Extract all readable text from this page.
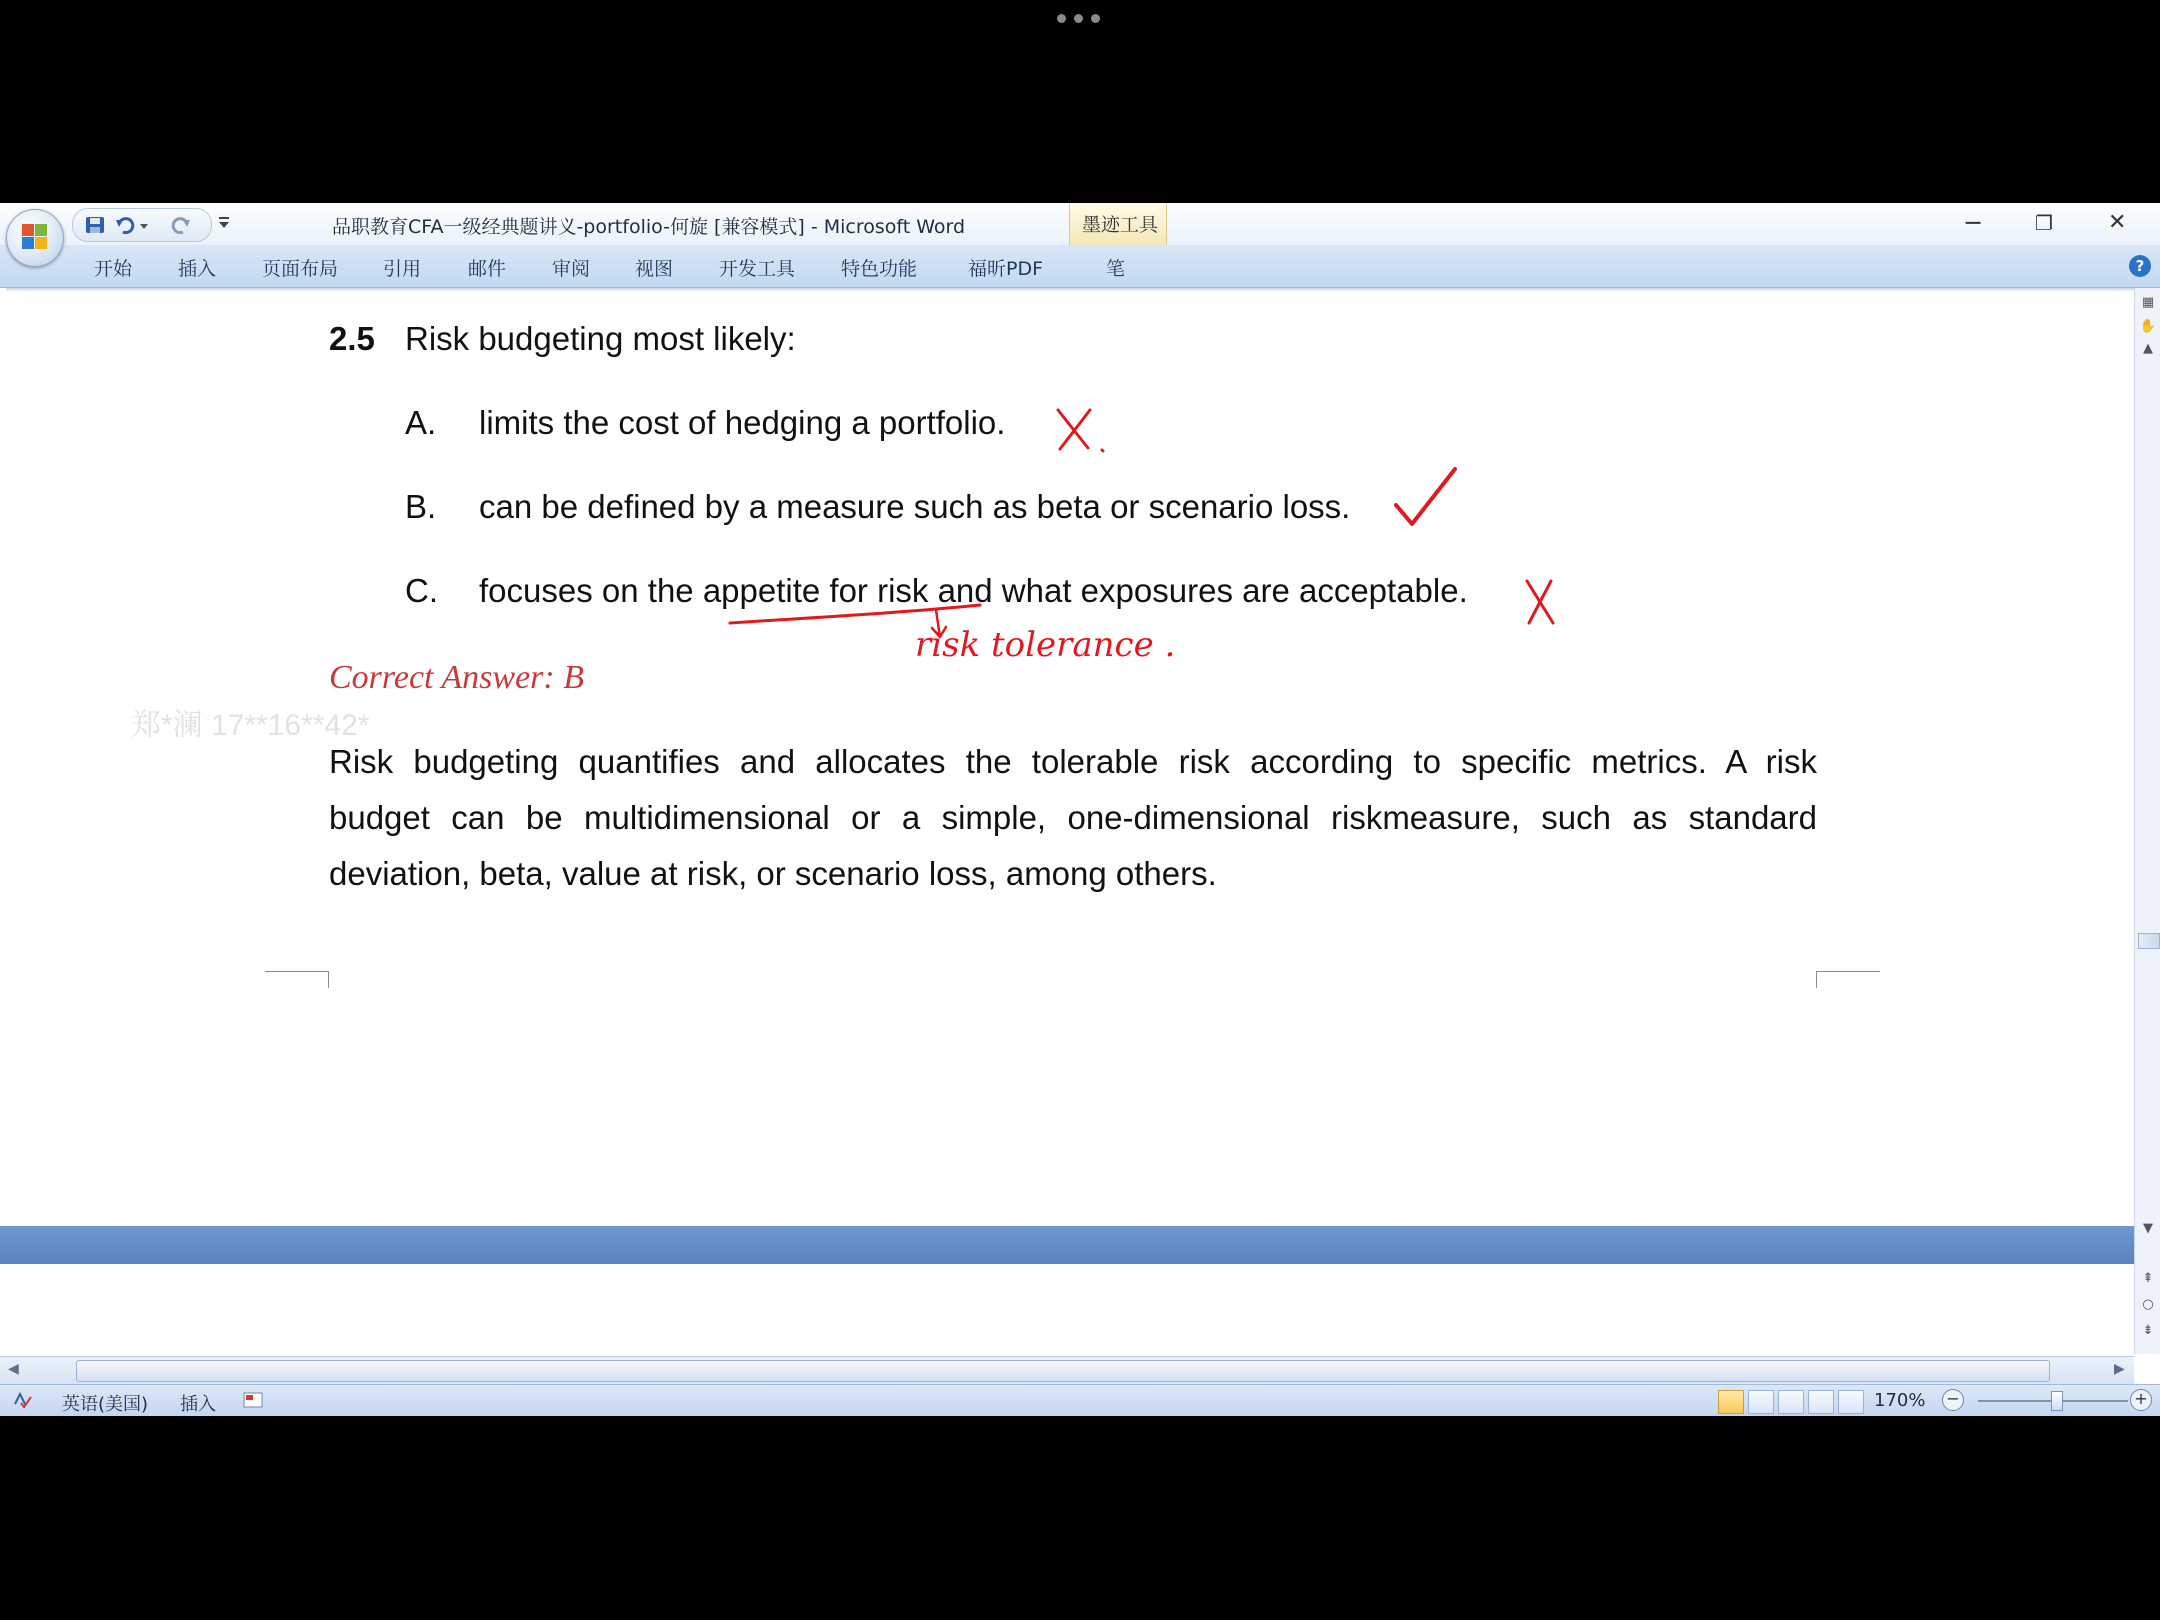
品职教育CFA一级经典题讲义-portfolio-何旋 [兼容模式] - Microsoft Word	墨迹工具	─	❐	✕
开始 插入 页面布局 引用 邮件 审阅 视图 开发工具 特色功能	福昕PDF	笔	?
2.5 Risk budgeting most likely:
A. limits the cost of hedging a portfolio.
B. can be defined by a measure such as beta or scenario loss.
C. focuses on the appetite for risk and what exposures are acceptable.
Correct Answer: B
郑*澜 17**16**42*
Risk budgeting quantifies and allocates the tolerable risk according to specific metrics. A risk
budget can be multidimensional or a simple, one-dimensional riskmeasure, such as standard
deviation, beta, value at risk, or scenario loss, among others.
risk tolerance .
▦
✋
▲
▼
⇞
○
⇟
◀	▶
英语(美国) 插入	170% −	+
